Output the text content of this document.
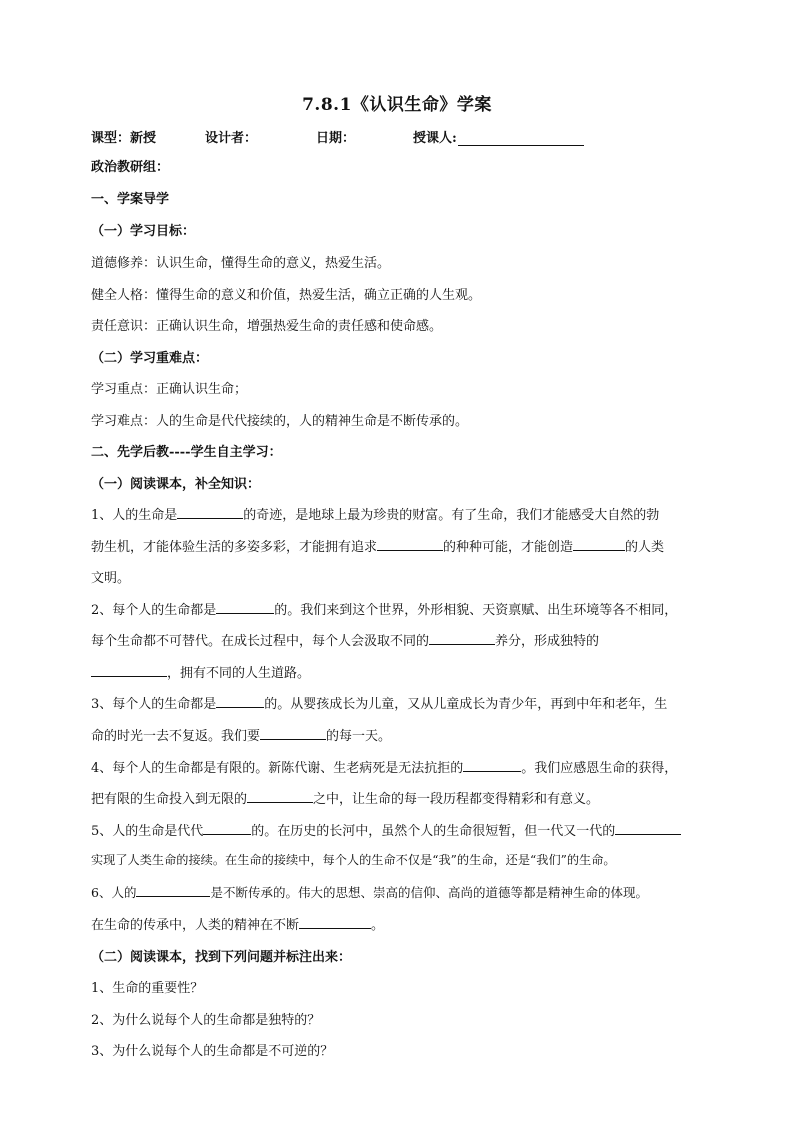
7.8.1《认识生命》学案
课型：新授	设计者：	日期：	授课人:
政治教研组：
一、学案导学
（一）学习目标：
道德修养：认识生命，懂得生命的意义，热爱生活。
健全人格：懂得生命的意义和价值，热爱生活，确立正确的人生观。
责任意识：正确认识生命，增强热爱生命的责任感和使命感。
（二）学习重难点：
学习重点：正确认识生命；
学习难点：人的生命是代代接续的，人的精神生命是不断传承的。
二、先学后教----学生自主学习：
（一）阅读课本，补全知识：
1、人的生命是	的奇迹，是地球上最为珍贵的财富。有了生命，我们才能感受大自然的勃
勃生机，才能体验生活的多姿多彩，才能拥有追求	的种种可能，才能创造	的人类
文明。
2、每个人的生命都是	的。我们来到这个世界，外形相貌、天资禀赋、出生环境等各不相同，
每个生命都不可替代。在成长过程中，每个人会汲取不同的	养分，形成独特的
，拥有不同的人生道路。
3、每个人的生命都是	的。从婴孩成长为儿童，又从儿童成长为青少年，再到中年和老年，生
命的时光一去不复返。我们要	的每一天。
4、每个人的生命都是有限的。新陈代谢、生老病死是无法抗拒的	。我们应感恩生命的获得，
把有限的生命投入到无限的	之中，让生命的每一段历程都变得精彩和有意义。
5、人的生命是代代	的。在历史的长河中，虽然个人的生命很短暂，但一代又一代的
实现了人类生命的接续。在生命的接续中，每个人的生命不仅是“我”的生命，还是“我们”的生命。
6、人的	是不断传承的。伟大的思想、崇高的信仰、高尚的道德等都是精神生命的体现。
在生命的传承中，人类的精神在不断	。
（二）阅读课本，找到下列问题并标注出来：
1、生命的重要性？
2、为什么说每个人的生命都是独特的？
3、为什么说每个人的生命都是不可逆的？
